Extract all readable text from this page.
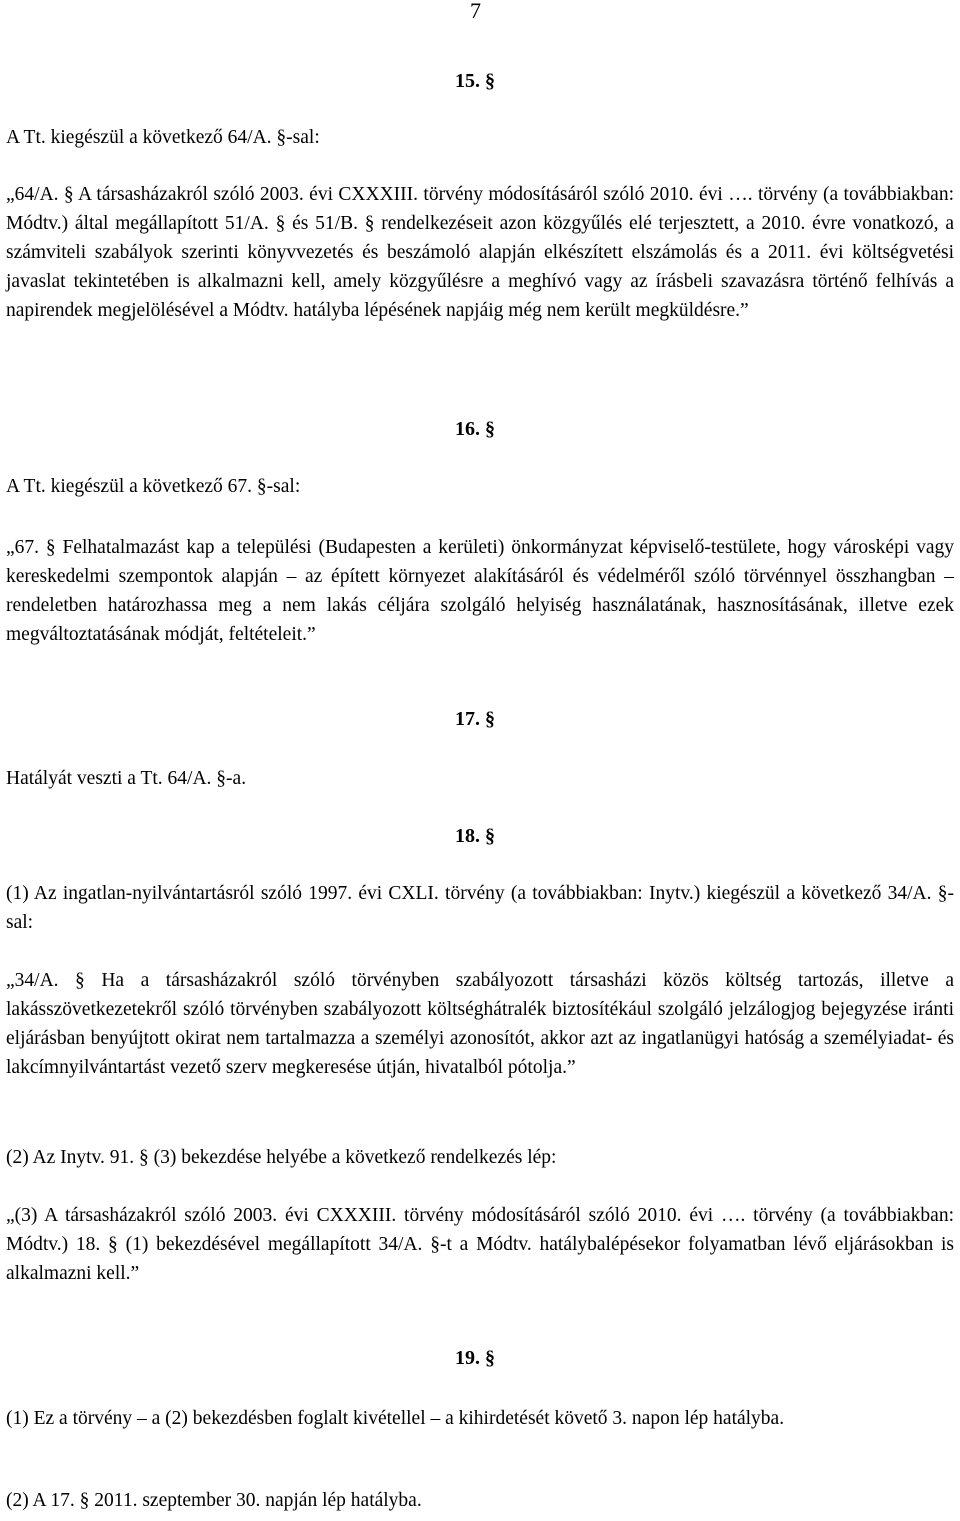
7
15. §
A Tt. kiegészül a következő 64/A. §-sal:
„64/A. § A társasházakról szóló 2003. évi CXXXIII. törvény módosításáról szóló 2010. évi …. törvény (a továbbiakban: Módtv.) által megállapított 51/A. § és 51/B. § rendelkezéseit azon közgyűlés elé terjesztett, a 2010. évre vonatkozó, a számviteli szabályok szerinti könyvvezetés és beszámoló alapján elkészített elszámolás és a 2011. évi költségvetési javaslat tekintetében is alkalmazni kell, amely közgyűlésre a meghívó vagy az írásbeli szavazásra történő felhívás a napirendek megjelölésével a Módtv. hatályba lépésének napjáig még nem került megküldésre.”
16. §
A Tt. kiegészül a következő 67. §-sal:
„67. § Felhatalmazást kap a települési (Budapesten a kerületi) önkormányzat képviselő-testülete, hogy városképi vagy kereskedelmi szempontok alapján – az épített környezet alakításáról és védelméről szóló törvénnyel összhangban – rendeletben határozhassa meg a nem lakás céljára szolgáló helyiség használatának, hasznosításának, illetve ezek megváltoztatásának módját, feltételeit.”
17. §
Hatályát veszti a Tt. 64/A. §-a.
18. §
(1) Az ingatlan-nyilvántartásról szóló 1997. évi CXLI. törvény (a továbbiakban: Inytv.) kiegészül a következő 34/A. §-sal:
„34/A. § Ha a társasházakról szóló törvényben szabályozott társasházi közös költség tartozás, illetve a lakásszövetkezetekről szóló törvényben szabályozott költséghátralék biztosítékául szolgáló jelzálogjog bejegyzése iránti eljárásban benyújtott okirat nem tartalmazza a személyi azonosítót, akkor azt az ingatlanügyi hatóság a személyiadat- és lakcímnyilvántartást vezető szerv megkeresése útján, hivatalból pótolja.”
(2) Az Inytv. 91. § (3) bekezdése helyébe a következő rendelkezés lép:
„(3) A társasházakról szóló 2003. évi CXXXIII. törvény módosításáról szóló 2010. évi …. törvény (a továbbiakban: Módtv.) 18. § (1) bekezdésével megállapított 34/A. §-t a Módtv. hatálybalépésekor folyamatban lévő eljárásokban is alkalmazni kell.”
19. §
(1) Ez a törvény – a (2) bekezdésben foglalt kivétellel – a kihirdetését követő 3. napon lép hatályba.
(2) A 17. § 2011. szeptember 30. napján lép hatályba.
